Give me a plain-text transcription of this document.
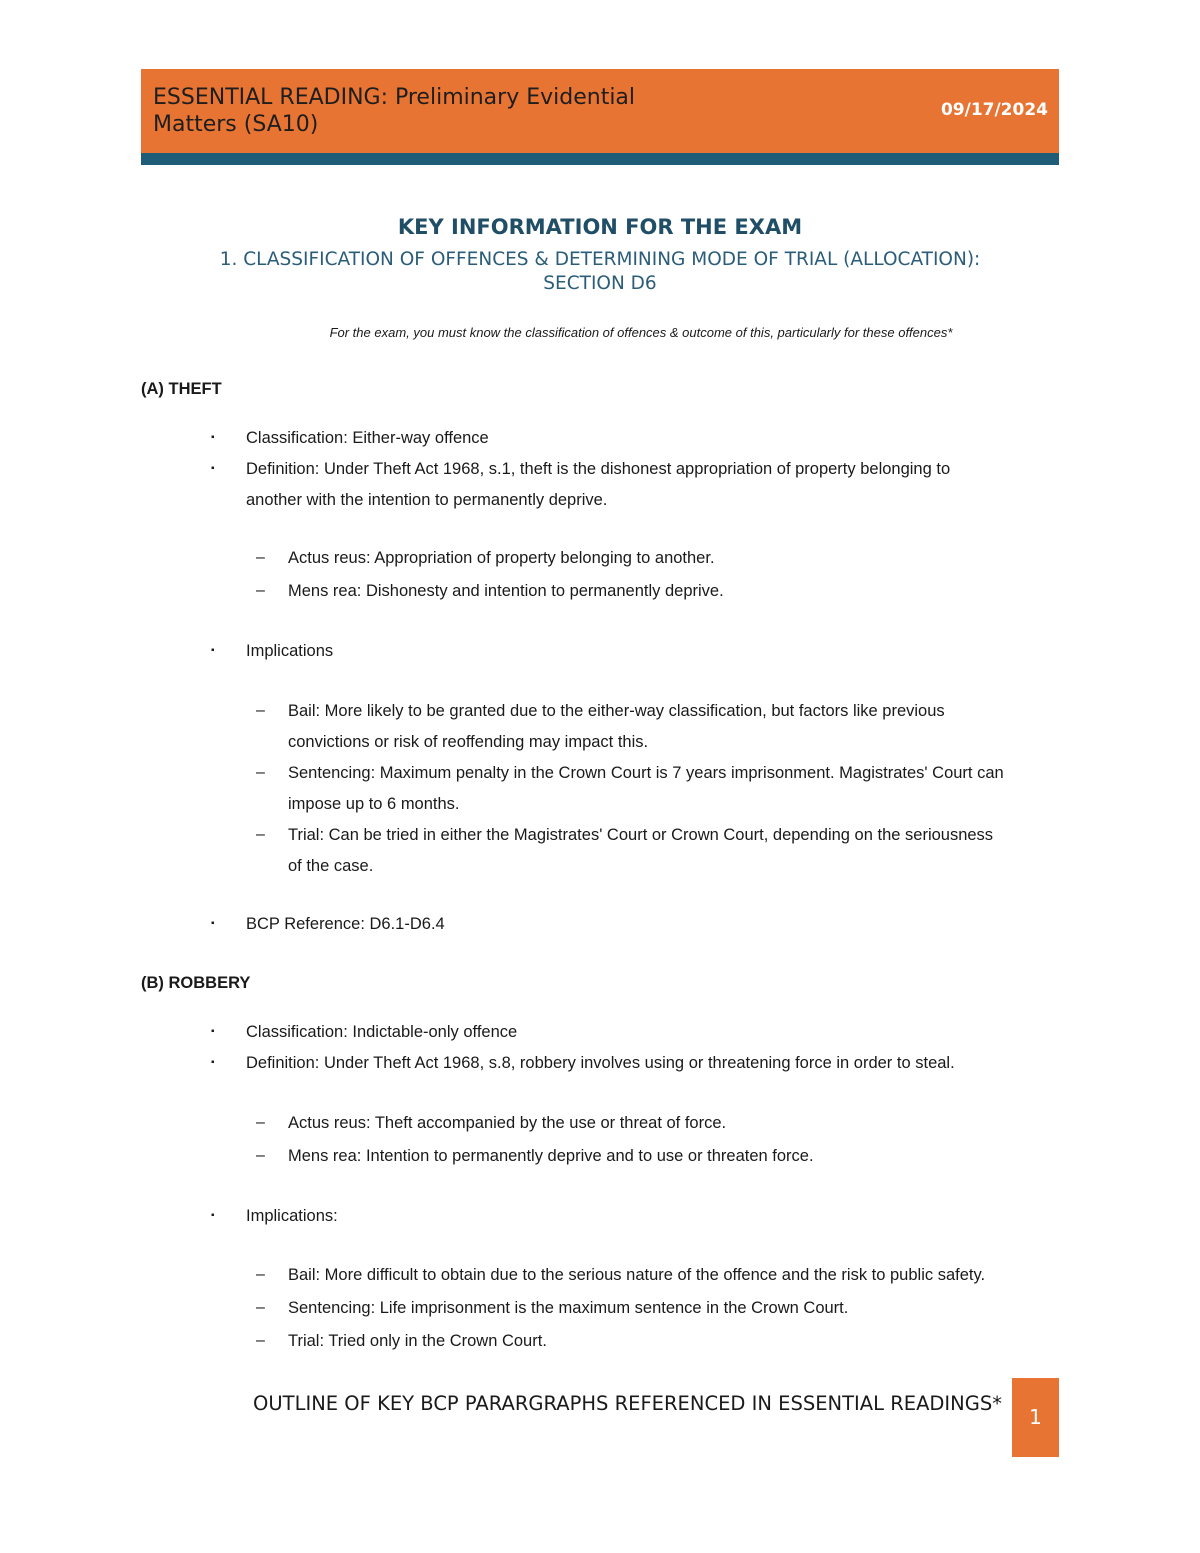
ESSENTIAL READING: Preliminary Evidential Matters (SA10)
09/17/2024
KEY INFORMATION FOR THE EXAM
1. CLASSIFICATION OF OFFENCES & DETERMINING MODE OF TRIAL (ALLOCATION):
SECTION D6
For the exam, you must know the classification of offences & outcome of this, particularly for these offences*
(A) THEFT
▪ Classification: Either-way offence
▪ Definition: Under Theft Act 1968, s.1, theft is the dishonest appropriation of property belonging to
another with the intention to permanently deprive.
– Actus reus: Appropriation of property belonging to another.
– Mens rea: Dishonesty and intention to permanently deprive.
▪ Implications
– Bail: More likely to be granted due to the either-way classification, but factors like previous
convictions or risk of reoffending may impact this.
– Sentencing: Maximum penalty in the Crown Court is 7 years imprisonment. Magistrates' Court can
impose up to 6 months.
– Trial: Can be tried in either the Magistrates' Court or Crown Court, depending on the seriousness
of the case.
▪ BCP Reference: D6.1-D6.4
(B) ROBBERY
▪ Classification: Indictable-only offence
▪ Definition: Under Theft Act 1968, s.8, robbery involves using or threatening force in order to steal.
– Actus reus: Theft accompanied by the use or threat of force.
– Mens rea: Intention to permanently deprive and to use or threaten force.
▪ Implications:
– Bail: More difficult to obtain due to the serious nature of the offence and the risk to public safety.
– Sentencing: Life imprisonment is the maximum sentence in the Crown Court.
– Trial: Tried only in the Crown Court.
OUTLINE OF KEY BCP PARARGRAPHS REFERENCED IN ESSENTIAL READINGS*
1
